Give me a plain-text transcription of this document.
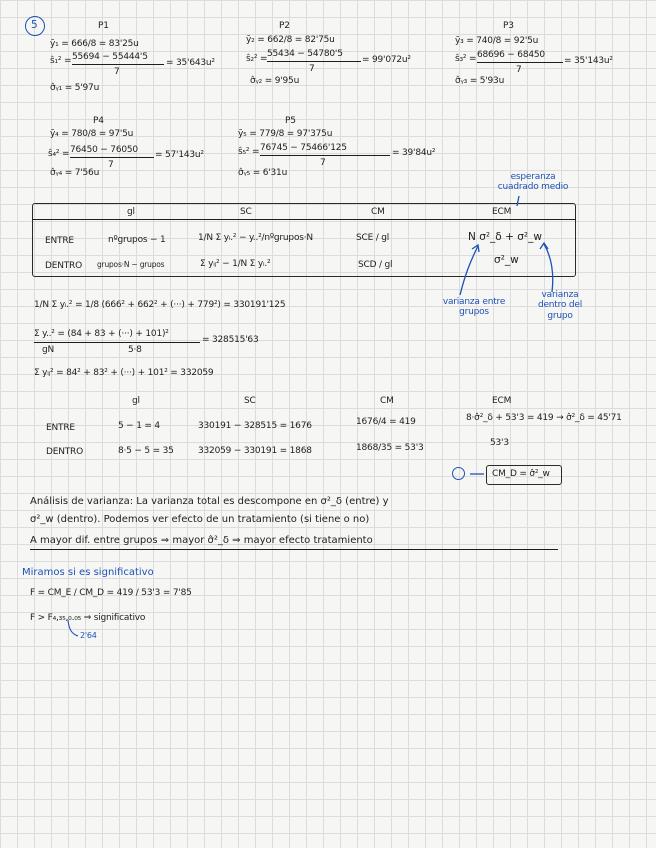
5	P1
ȳ₁ = 666/8 = 83'25u
ŝ₁² = 55694 − 55444'5
7
= 35'643u²
σ̂ᵧ₁ = 5'97u
P2
ȳ₂ = 662/8 = 82'75u
ŝ₂² = 55434 − 54780'5
7
= 99'072u²
σ̂ᵧ₂ = 9'95u
P3
ȳ₃ = 740/8 = 92'5u
ŝ₃² = 68696 − 68450
7
= 35'143u²
σ̂ᵧ₃ = 5'93u
P4
ȳ₄ = 780/8 = 97'5u
ŝ₄² = 76450 − 76050
7
= 57'143u²
σ̂ᵧ₄ = 7'56u
P5
ȳ₅ = 779/8 = 97'375u
ŝ₅² = 76745 − 75466'125
7
= 39'84u²
σ̂ᵧ₅ = 6'31u	esperanza cuadrado medio
gl	SC	CM	ECM
ENTRE	nºgrupos − 1	1/N Σ yᵢ.² − y..²/nºgrupos·N	SCE / gl	N σ²_δ + σ²_w
DENTRO grupos·N − grupos	Σ yᵢⱼ² − 1/N Σ yᵢ.²	SCD / gl	σ²_w
varianza entre grupos
varianza dentro del grupo
1/N Σ yᵢ.² = 1/8 (666² + 662² + (···) + 779²) = 330191'125
Σ y..² = (84 + 83 + (···) + 101)²
gN	5·8
= 328515'63
Σ yᵢⱼ² = 84² + 83² + (···) + 101² = 332059
gl	SC	CM	ECM
ENTRE	5 − 1 = 4	330191 − 328515 = 1676	1676/4 = 419	8·σ̂²_δ + 53'3 = 419 → σ̂²_δ = 45'71
DENTRO	8·5 − 5 = 35	332059 − 330191 = 1868	1868/35 = 53'3	53'3
CM_D = σ̂²_w
Análisis de varianza: La varianza total es descompone en σ²_δ (entre) y
σ²_w (dentro). Podemos ver efecto de un tratamiento (si tiene o no)
A mayor dif. entre grupos ⇒ mayor σ̂²_δ ⇒ mayor efecto tratamiento
Miramos si es significativo
F = CM_E / CM_D = 419 / 53'3 = 7'85
F > F₄,₃₅,₀.₀₅ ⇒ significativo
2'64
